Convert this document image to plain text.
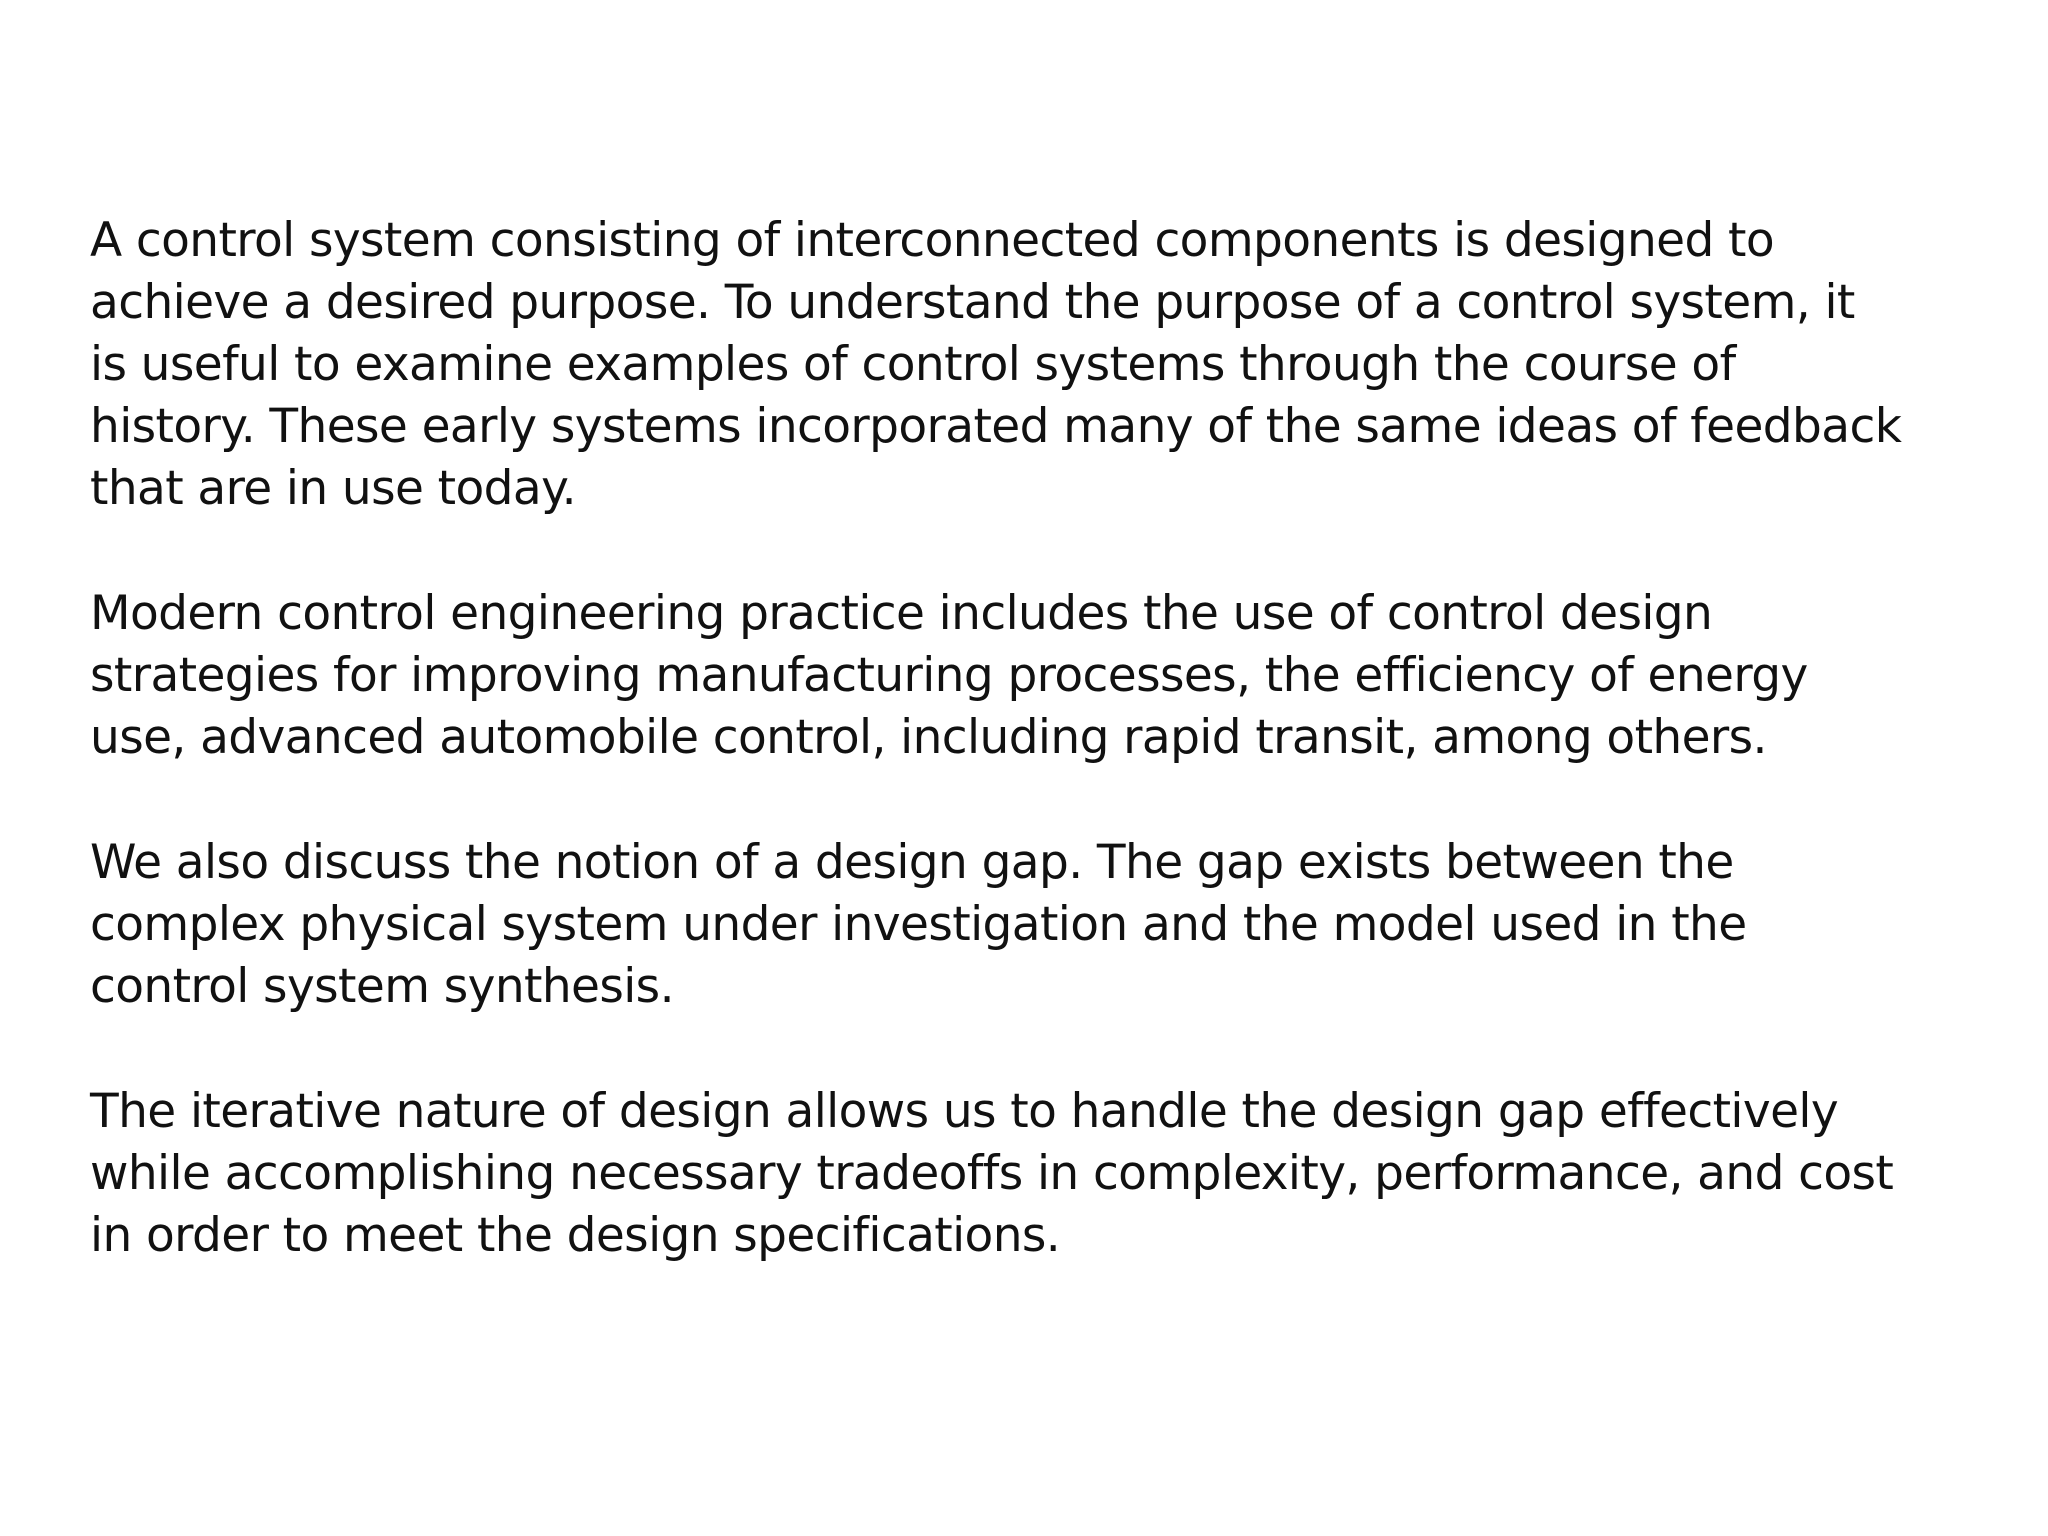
A control system consisting of interconnected components is designed to
achieve a desired purpose. To understand the purpose of a control system, it
is useful to examine examples of control systems through the course of
history. These early systems incorporated many of the same ideas of feedback
that are in use today.
Modern control engineering practice includes the use of control design
strategies for improving manufacturing processes, the efficiency of energy
use, advanced automobile control, including rapid transit, among others.
We also discuss the notion of a design gap. The gap exists between the
complex physical system under investigation and the model used in the
control system synthesis.
The iterative nature of design allows us to handle the design gap effectively
while accomplishing necessary tradeoffs in complexity, performance, and cost
in order to meet the design specifications.
